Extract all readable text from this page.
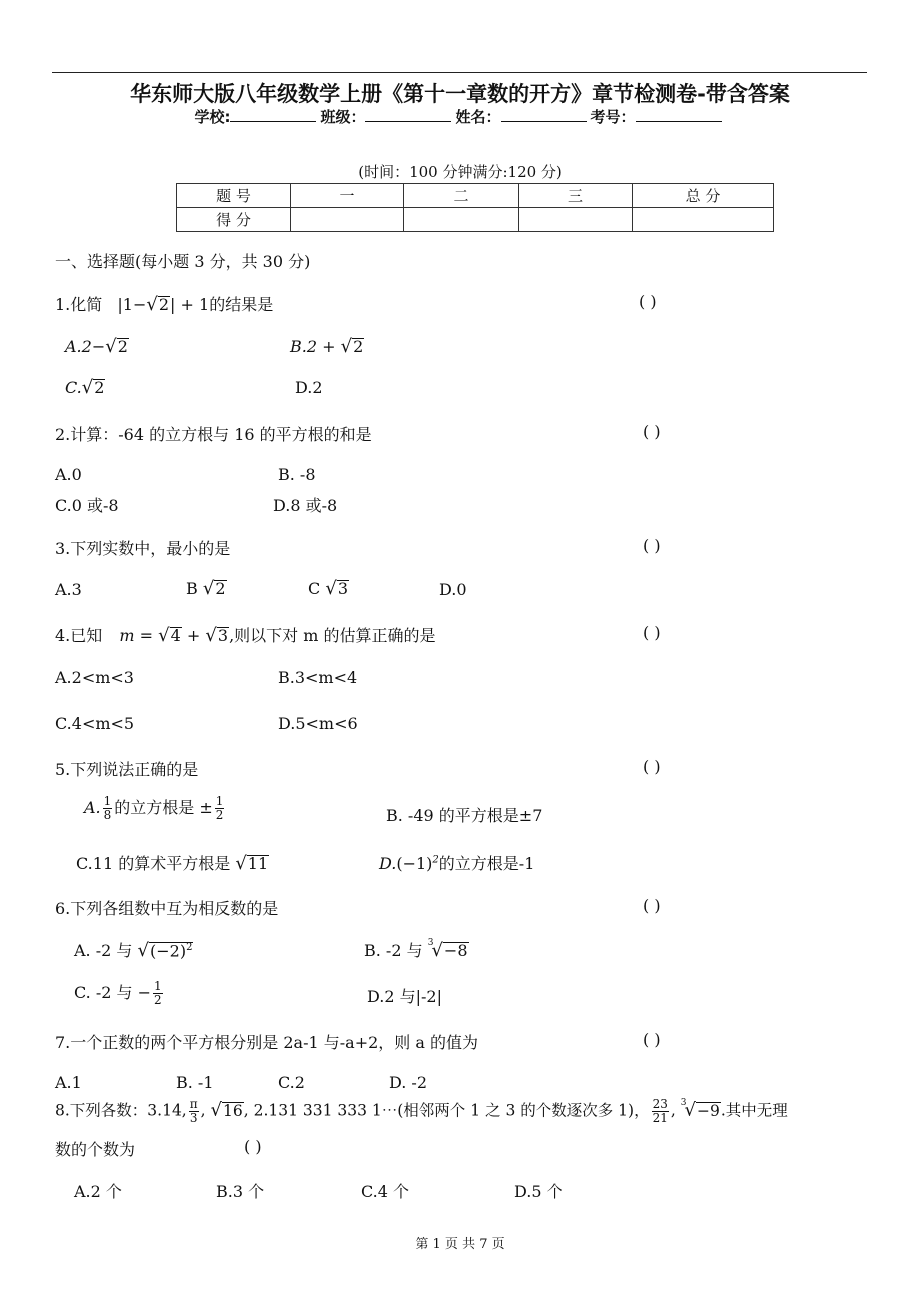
华东师大版八年级数学上册《第十一章数的开方》章节检测卷-带含答案
学校:	班级：	姓名：	考号：
(时间：100 分钟满分:120 分)
题 号	一	二	三	总 分
得 分				
一、选择题(每小题 3 分，共 30 分)
1.化简 |1−√2| + 1的结果是	( )
A.2−√2	B.2 + √2
C.√2	D.2
2.计算：-64 的立方根与 16 的平方根的和是	( )
A.0	B. -8
C.0 或-8	D.8 或-8
3.下列实数中，最小的是	( )
A.3	B √2	C √3	D.0
4.已知 m = √4 + √3,则以下对 m 的估算正确的是	( )
A.2<m<3	B.3<m<4
C.4<m<5	D.5<m<6
5.下列说法正确的是	( )
A. $\frac{1}{8}$ 的立方根是 ± $\frac{1}{2}$	B. -49 的平方根是±7
C.11 的算术平方根是 √11	$D.(-1)^2$的立方根是-1
6.下列各组数中互为相反数的是	( )
A. -2 与 $√(-2)^2$	B. -2 与 $^3$√−8
C. -2 与 − $\frac{1}{2}$	D.2 与|-2|
7.一个正数的两个平方根分别是 2a-1 与-a+2，则 a 的值为	( )
A.1	B. -1	C.2	D. -2
8.下列各数：3.14, $\frac{\pi}{3}$ , √16, 2.131 331 333 1⋯(相邻两个 1 之 3 的个数逐次多 1)， $\frac{23}{21}$ , $^3$√−9.其中无理
数的个数为	( )
A.2 个	B.3 个	C.4 个	D.5 个
第 1 页 共 7 页
